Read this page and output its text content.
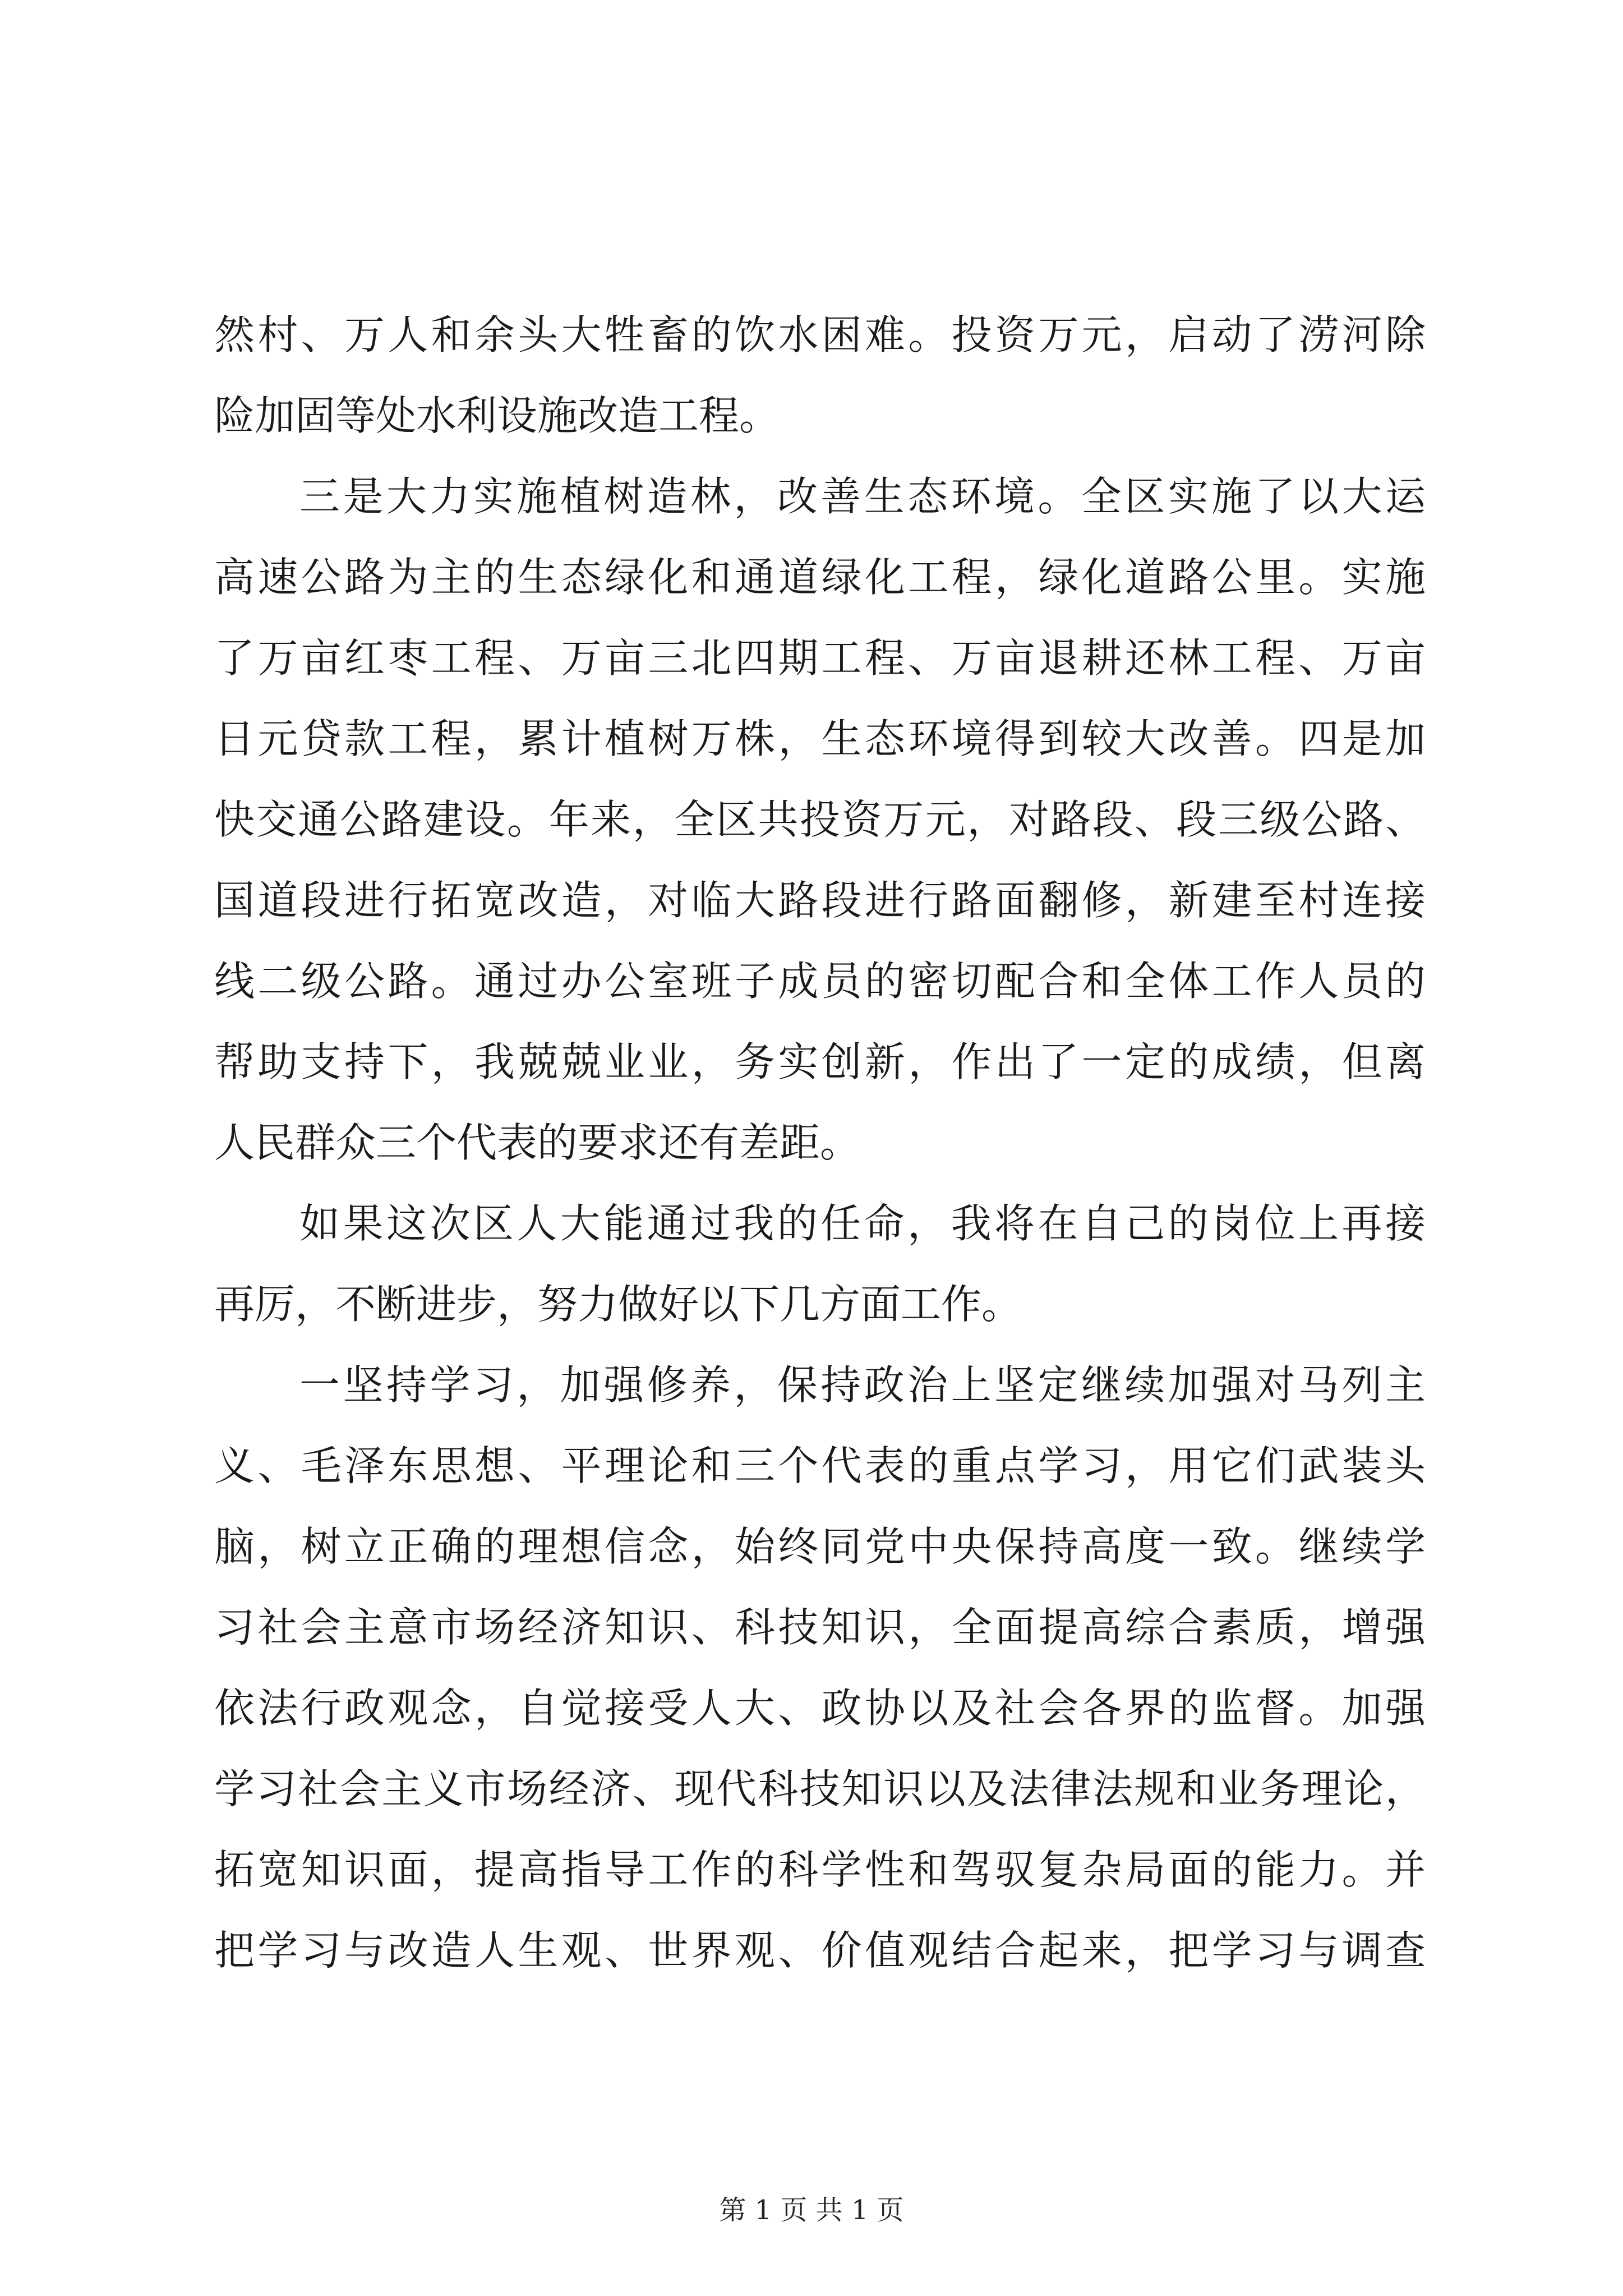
然村、万人和余头大牲畜的饮水困难。投资万元，启动了涝河除
险加固等处水利设施改造工程。
三是大力实施植树造林，改善生态环境。全区实施了以大运
高速公路为主的生态绿化和通道绿化工程，绿化道路公里。实施
了万亩红枣工程、万亩三北四期工程、万亩退耕还林工程、万亩
日元贷款工程，累计植树万株，生态环境得到较大改善。四是加
快交通公路建设。年来，全区共投资万元，对路段、段三级公路、
国道段进行拓宽改造，对临大路段进行路面翻修，新建至村连接
线二级公路。通过办公室班子成员的密切配合和全体工作人员的
帮助支持下，我兢兢业业，务实创新，作出了一定的成绩，但离
人民群众三个代表的要求还有差距。
如果这次区人大能通过我的任命，我将在自己的岗位上再接
再厉，不断进步，努力做好以下几方面工作。
一坚持学习，加强修养，保持政治上坚定继续加强对马列主
义、毛泽东思想、平理论和三个代表的重点学习，用它们武装头
脑，树立正确的理想信念，始终同党中央保持高度一致。继续学
习社会主意市场经济知识、科技知识，全面提高综合素质，增强
依法行政观念，自觉接受人大、政协以及社会各界的监督。加强
学习社会主义市场经济、现代科技知识以及法律法规和业务理论，
拓宽知识面，提高指导工作的科学性和驾驭复杂局面的能力。并
把学习与改造人生观、世界观、价值观结合起来，把学习与调查
第 1 页 共 1 页
